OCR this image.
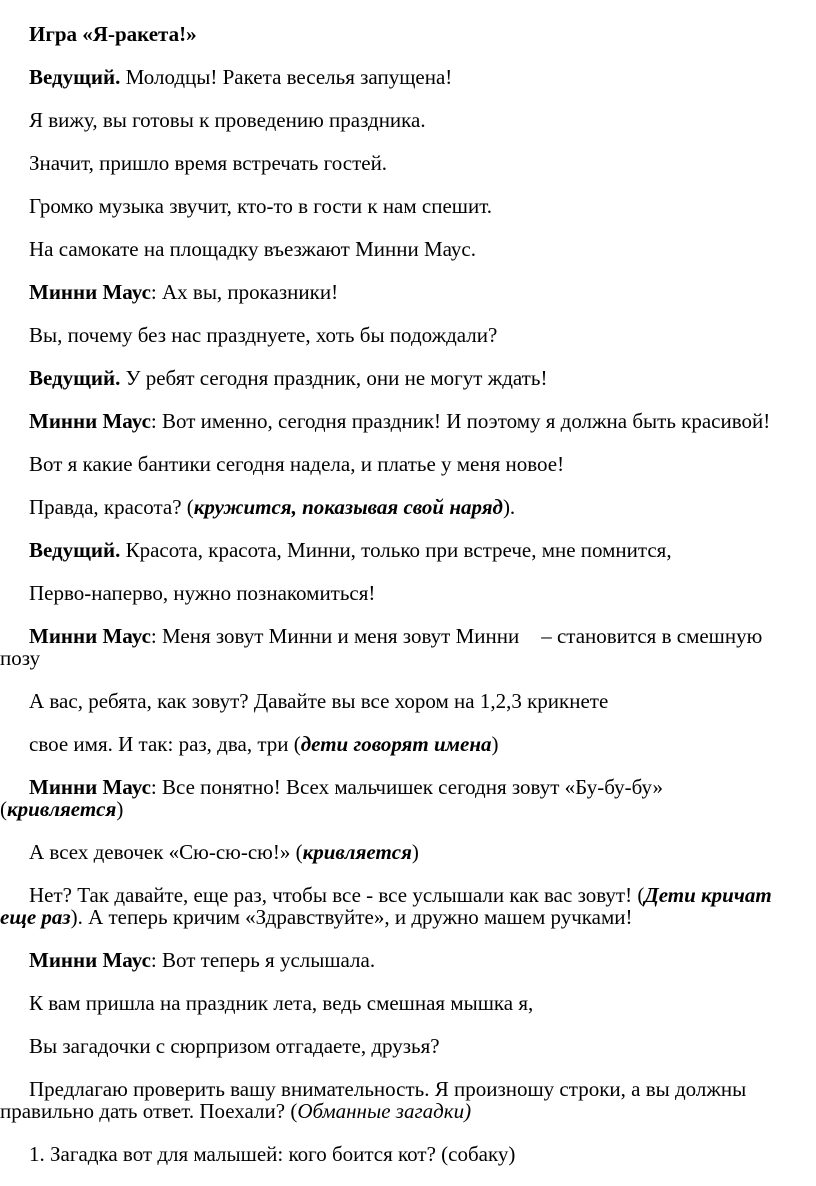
Игра «Я-ракета!»
Ведущий. Молодцы! Ракета веселья запущена!
Я вижу, вы готовы к проведению праздника.
Значит, пришло время встречать гостей.
Громко музыка звучит, кто-то в гости к нам спешит.
На самокате на площадку въезжают Минни Маус.
Минни Маус: Ах вы, проказники!
Вы, почему без нас празднуете, хоть бы подождали?
Ведущий. У ребят сегодня праздник, они не могут ждать!
Минни Маус: Вот именно, сегодня праздник! И поэтому я должна быть красивой!
Вот я какие бантики сегодня надела, и платье у меня новое!
Правда, красота? (кружится, показывая свой наряд).
Ведущий. Красота, красота, Минни, только при встрече, мне помнится,
Перво-наперво, нужно познакомиться!
Минни Маус: Меня зовут Минни и меня зовут Минни – становится в смешную
позу
А вас, ребята, как зовут? Давайте вы все хором на 1,2,3 крикнете
свое имя. И так: раз, два, три (дети говорят имена)
Минни Маус: Все понятно! Всех мальчишек сегодня зовут «Бу-бу-бу»
(кривляется)
А всех девочек «Сю-сю-сю!» (кривляется)
Нет? Так давайте, еще раз, чтобы все - все услышали как вас зовут! (Дети кричат
еще раз). А теперь кричим «Здравствуйте», и дружно машем ручками!
Минни Маус: Вот теперь я услышала.
К вам пришла на праздник лета, ведь смешная мышка я,
Вы загадочки с сюрпризом отгадаете, друзья?
Предлагаю проверить вашу внимательность. Я произношу строки, а вы должны
правильно дать ответ. Поехали? (Обманные загадки)
1. Загадка вот для малышей: кого боится кот? (собаку)
